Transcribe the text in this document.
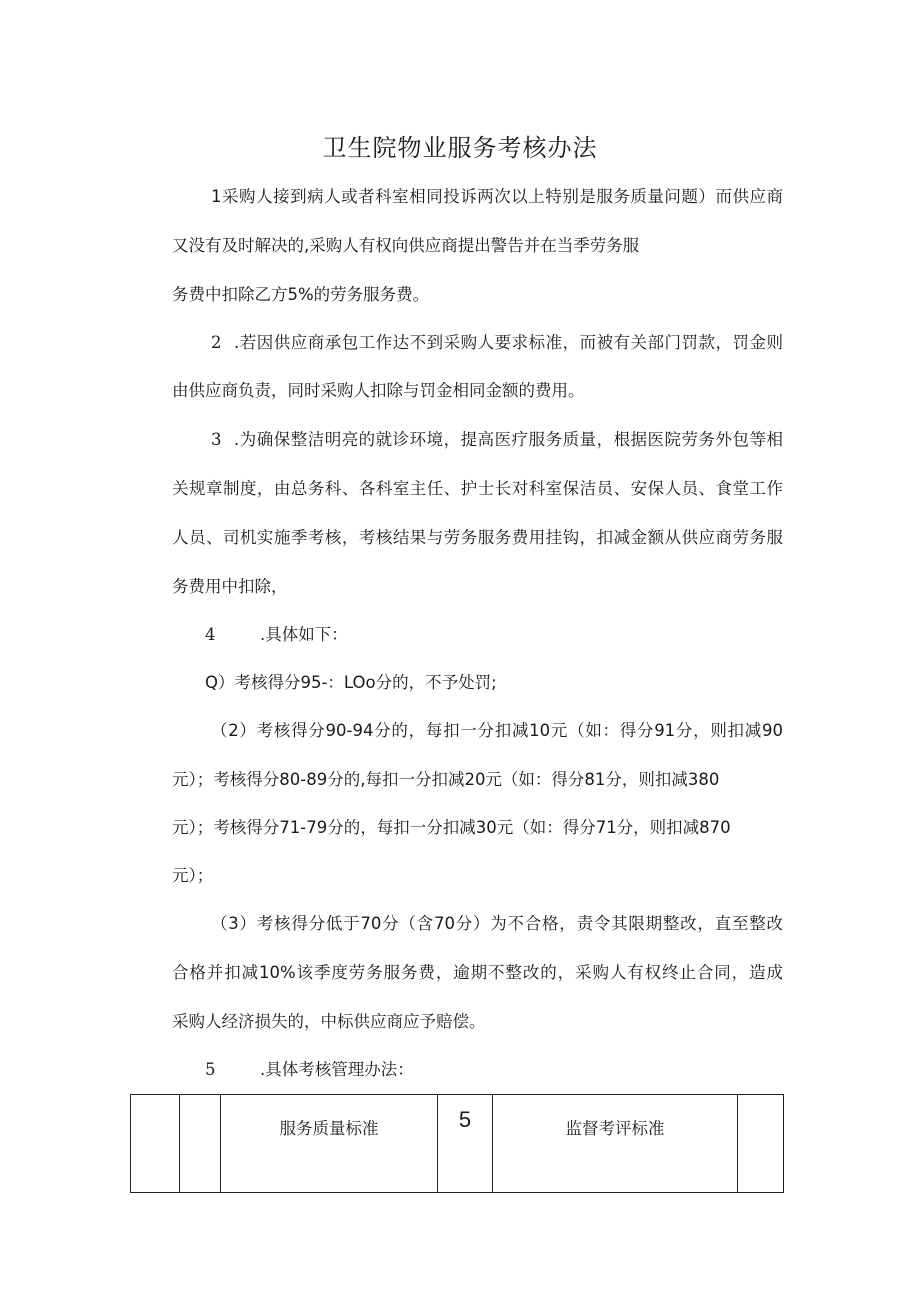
卫生院物业服务考核办法
1采购人接到病人或者科室相同投诉两次以上特别是服务质量问题）而供应商
又没有及时解决的,采购人有权向供应商提出警告并在当季劳务服
务费中扣除乙方5%的劳务服务费。
2 .若因供应商承包工作达不到采购人要求标准，而被有关部门罚款，罚金则
由供应商负责，同时采购人扣除与罚金相同金额的费用。
3 .为确保整洁明亮的就诊环境，提高医疗服务质量，根据医院劳务外包等相
关规章制度，由总务科、各科室主任、护士长对科室保洁员、安保人员、食堂工作
人员、司机实施季考核，考核结果与劳务服务费用挂钩，扣减金额从供应商劳务服
务费用中扣除，
4	.具体如下：
Q）考核得分95-：LOo分的，不予处罚;
（2）考核得分90-94分的，每扣一分扣减10元（如：得分91分，则扣减90
元）；考核得分80-89分的,每扣一分扣减20元（如：得分81分，则扣减380
元）；考核得分71-79分的，每扣一分扣减30元（如：得分71分，则扣减870
元）；
（3）考核得分低于70分（含70分）为不合格，责令其限期整改，直至整改
合格并扣减10%该季度劳务服务费，逾期不整改的，采购人有权终止合同，造成
采购人经济损失的，中标供应商应予赔偿。
5	.具体考核管理办法：

服务质量标准	5	监督考评标准
